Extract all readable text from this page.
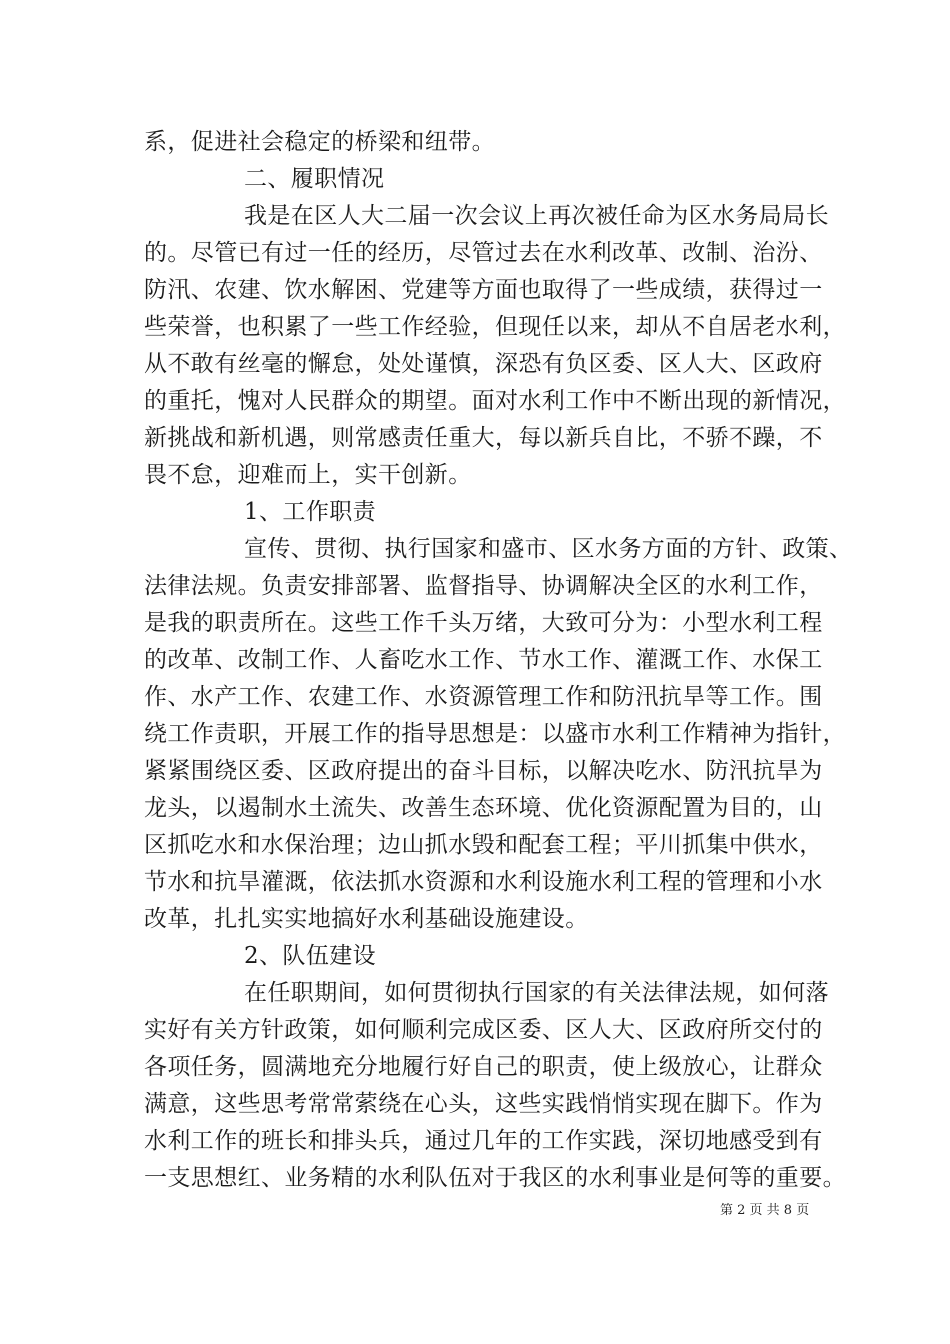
系，促进社会稳定的桥梁和纽带。
二、履职情况
我是在区人大二届一次会议上再次被任命为区水务局局长
的。尽管已有过一任的经历，尽管过去在水利改革、改制、治汾、
防汛、农建、饮水解困、党建等方面也取得了一些成绩，获得过一
些荣誉，也积累了一些工作经验，但现任以来，却从不自居老水利，
从不敢有丝毫的懈怠，处处谨慎，深恐有负区委、区人大、区政府
的重托，愧对人民群众的期望。面对水利工作中不断出现的新情况，
新挑战和新机遇，则常感责任重大，每以新兵自比，不骄不躁，不
畏不怠，迎难而上，实干创新。
1、工作职责
宣传、贯彻、执行国家和盛市、区水务方面的方针、政策、
法律法规。负责安排部署、监督指导、协调解决全区的水利工作，
是我的职责所在。这些工作千头万绪，大致可分为：小型水利工程
的改革、改制工作、人畜吃水工作、节水工作、灌溉工作、水保工
作、水产工作、农建工作、水资源管理工作和防汛抗旱等工作。围
绕工作责职，开展工作的指导思想是：以盛市水利工作精神为指针，
紧紧围绕区委、区政府提出的奋斗目标，以解决吃水、防汛抗旱为
龙头，以遏制水土流失、改善生态环境、优化资源配置为目的，山
区抓吃水和水保治理；边山抓水毁和配套工程；平川抓集中供水，
节水和抗旱灌溉，依法抓水资源和水利设施水利工程的管理和小水
改革，扎扎实实地搞好水利基础设施建设。
2、队伍建设
在任职期间，如何贯彻执行国家的有关法律法规，如何落
实好有关方针政策，如何顺利完成区委、区人大、区政府所交付的
各项任务，圆满地充分地履行好自己的职责，使上级放心，让群众
满意，这些思考常常萦绕在心头，这些实践悄悄实现在脚下。作为
水利工作的班长和排头兵，通过几年的工作实践，深切地感受到有
一支思想红、业务精的水利队伍对于我区的水利事业是何等的重要。
第 2 页 共 8 页
